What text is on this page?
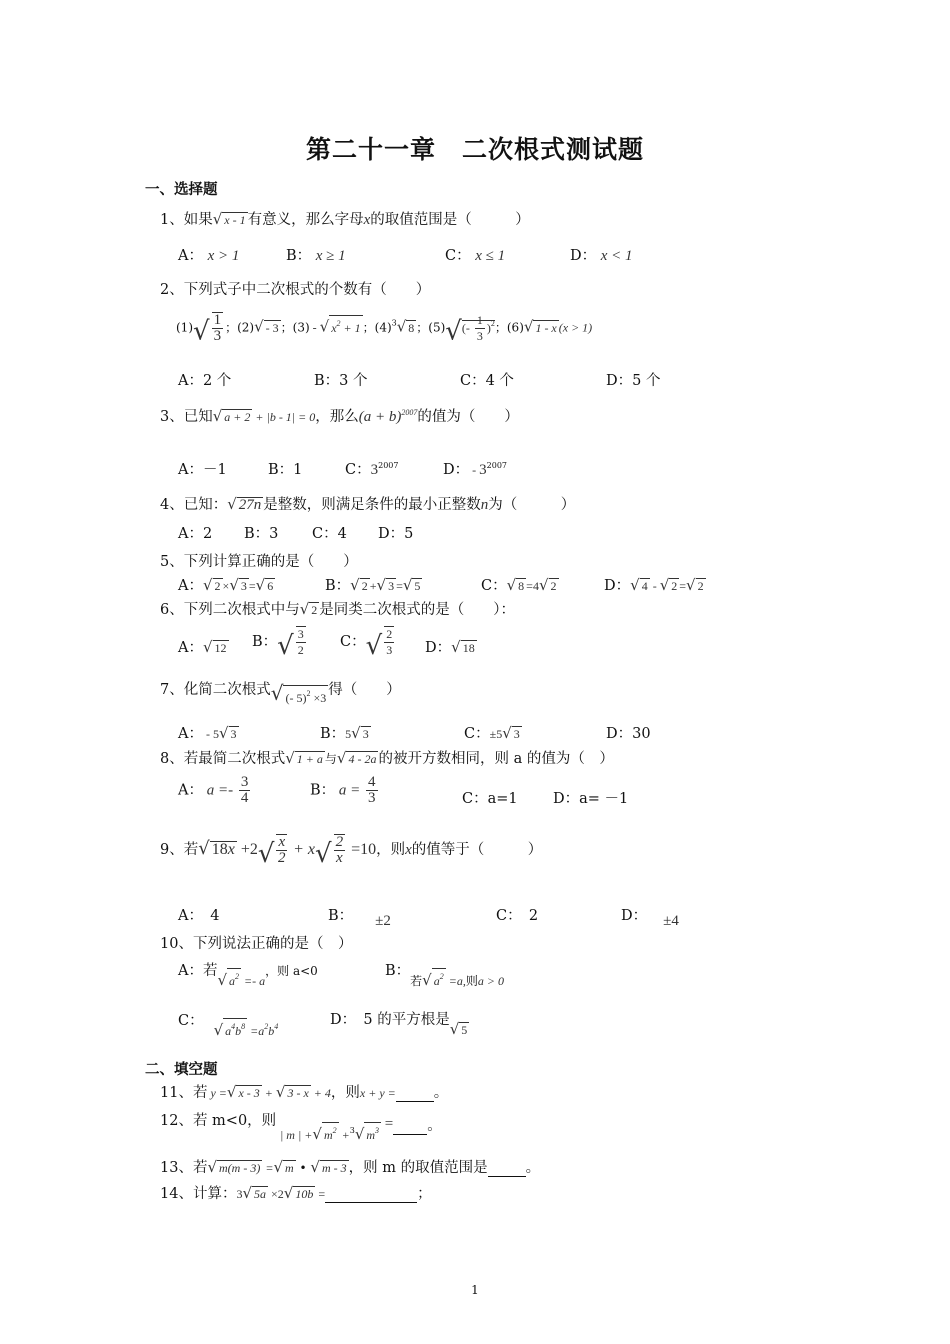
第二十一章　二次根式测试题
一、选择题
1、如果√ x - 1 有意义，那么字母x的取值范围是（　　　）
A： x > 1	B： x ≥ 1	C： x ≤ 1	D： x < 1
2、下列式子中二次根式的个数有（　　）
$(1)√ \frac{1}{3}$ ；(2)√ - 3 ；(3) - √ $x^2 + 1$ ；$(4)^3√$ 8 ；$(5)√(- \frac{1}{3} )^2$；(6)√ 1 - x (x > 1)
A：2 个	B：3 个	C：4 个	D：5 个
3、已知√ a + 2 + |b - 1| = 0，那么$(a + b)^{2007}$的值为（　　）
A：－1	B：1	C：$3^{2007}$	D： - $3^{2007}$
4、已知：√ 27n 是整数，则满足条件的最小正整数n为（　　　）
A：2 B：3 C：4 D：5
5、下列计算正确的是（　　）
A：√ 2 ×√ 3 =√ 6	B：√ 2 +√ 3 =√ 5	C：√ 8 =4√ 2	D：√ 4 - √ 2 =√ 2
6、下列二次根式中与√ 2 是同类二次根式的是（　　）：
A：√ 12 B：√ $\frac{3}{2}$ C：√ $\frac{2}{3}$ D：√ 18
7、化简二次根式√ (- 5)$^2$ ×3 得（　　）
A： - 5√ 3	B：5√ 3	C：±5√ 3	D：30
8、若最简二次根式√ 1 + a 与√ 4 - 2a 的被开方数相同，则 a 的值为（　）
A： $a =- \frac{3}{4}$	B： $a = \frac{4}{3}$	C：a=1 D：a= －1
9、若√ $18x +2√ \frac{x}{2} + x√ \frac{2}{x} =10$，则x的值等于（　　　）
A：　4	B： ±2	C：　2	D： ±4
10、下列说法正确的是（　）
A：若√ $a^2$ $_{=- a}$，则 a<0	B：$_{若√ a^2 =a,则a > 0}$
C： √ $a^4b^8 =a^2b^4$	D：　5 的平方根是√ 5
二、填空题
11、若 y =√ x - 3 + √ 3 - x + 4，则x + y =	。
12、若 m<0，则
| m | +√ $m^2 +^3√$ $m^3$ = 。
13、若√ m(m - 3) =√ m • √ m - 3 ，则 m 的取值范围是	。
14、计算：3√ 5a ×2√ 10b =	；
1
